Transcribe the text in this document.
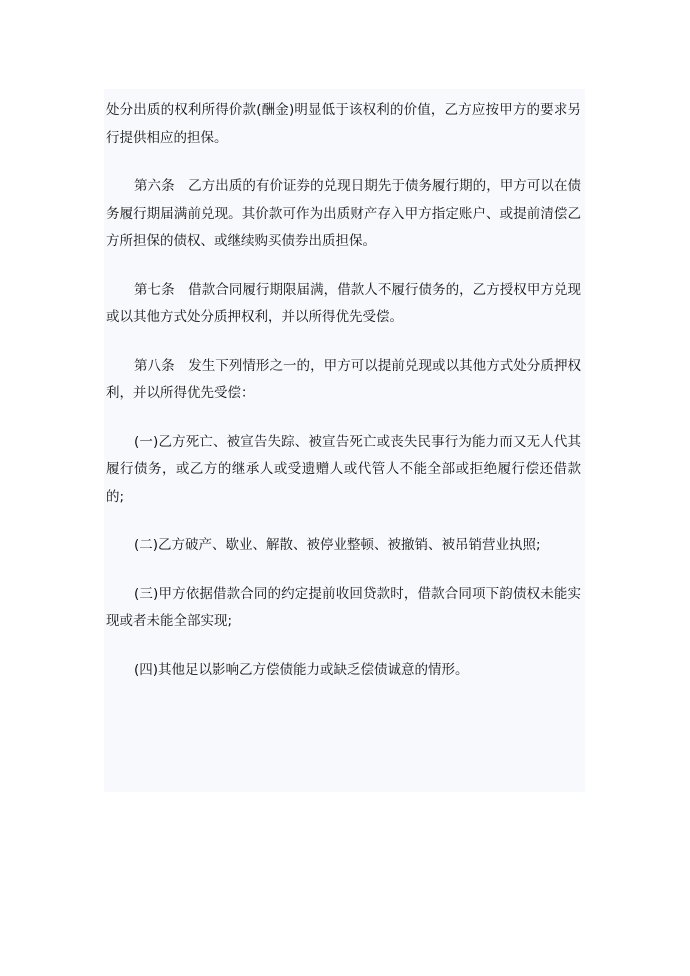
处分出质的权利所得价款(酬金)明显低于该权利的价值，乙方应按甲方的要求另行提供相应的担保。

第六条　乙方出质的有价证券的兑现日期先于债务履行期的，甲方可以在债务履行期届满前兑现。其价款可作为出质财产存入甲方指定账户、或提前清偿乙方所担保的债权、或继续购买债券出质担保。

第七条　借款合同履行期限届满，借款人不履行债务的，乙方授权甲方兑现或以其他方式处分质押权利，并以所得优先受偿。

第八条　发生下列情形之一的，甲方可以提前兑现或以其他方式处分质押权利，并以所得优先受偿：

(一)乙方死亡、被宣告失踪、被宣告死亡或丧失民事行为能力而又无人代其履行债务，或乙方的继承人或受遗赠人或代管人不能全部或拒绝履行偿还借款的;

(二)乙方破产、歇业、解散、被停业整顿、被撤销、被吊销营业执照;

(三)甲方依据借款合同的约定提前收回贷款时，借款合同项下韵债权未能实现或者未能全部实现;

(四)其他足以影响乙方偿债能力或缺乏偿债诚意的情形。
